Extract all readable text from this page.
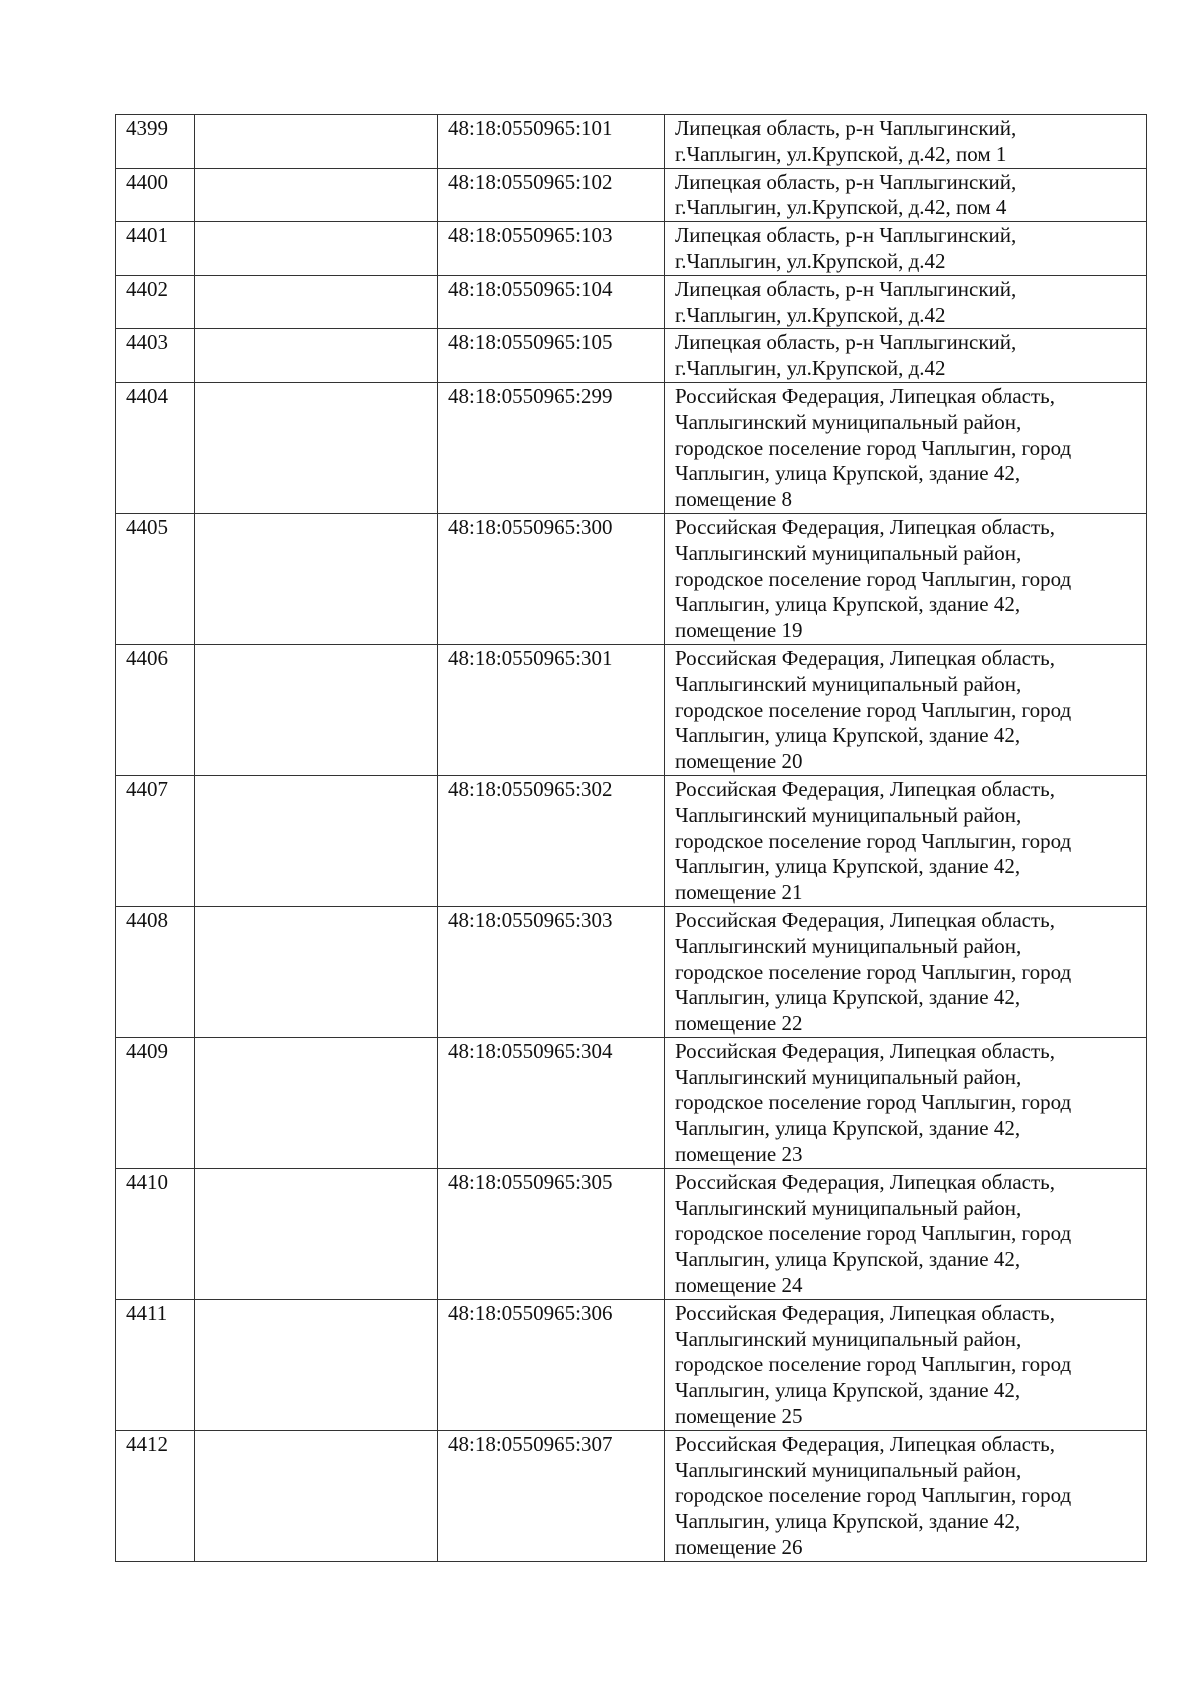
4399		48:18:0550965:101	Липецкая область, р-н Чаплыгинский,
г.Чаплыгин, ул.Крупской, д.42, пом 1

4400		48:18:0550965:102	Липецкая область, р-н Чаплыгинский,
г.Чаплыгин, ул.Крупской, д.42, пом 4

4401		48:18:0550965:103	Липецкая область, р-н Чаплыгинский,
г.Чаплыгин, ул.Крупской, д.42

4402		48:18:0550965:104	Липецкая область, р-н Чаплыгинский,
г.Чаплыгин, ул.Крупской, д.42

4403		48:18:0550965:105	Липецкая область, р-н Чаплыгинский,
г.Чаплыгин, ул.Крупской, д.42

4404		48:18:0550965:299	Российская Федерация, Липецкая область,
Чаплыгинский муниципальный район,
городское поселение город Чаплыгин, город
Чаплыгин, улица Крупской, здание 42,
помещение 8

4405		48:18:0550965:300	Российская Федерация, Липецкая область,
Чаплыгинский муниципальный район,
городское поселение город Чаплыгин, город
Чаплыгин, улица Крупской, здание 42,
помещение 19

4406		48:18:0550965:301	Российская Федерация, Липецкая область,
Чаплыгинский муниципальный район,
городское поселение город Чаплыгин, город
Чаплыгин, улица Крупской, здание 42,
помещение 20

4407		48:18:0550965:302	Российская Федерация, Липецкая область,
Чаплыгинский муниципальный район,
городское поселение город Чаплыгин, город
Чаплыгин, улица Крупской, здание 42,
помещение 21

4408		48:18:0550965:303	Российская Федерация, Липецкая область,
Чаплыгинский муниципальный район,
городское поселение город Чаплыгин, город
Чаплыгин, улица Крупской, здание 42,
помещение 22

4409		48:18:0550965:304	Российская Федерация, Липецкая область,
Чаплыгинский муниципальный район,
городское поселение город Чаплыгин, город
Чаплыгин, улица Крупской, здание 42,
помещение 23

4410		48:18:0550965:305	Российская Федерация, Липецкая область,
Чаплыгинский муниципальный район,
городское поселение город Чаплыгин, город
Чаплыгин, улица Крупской, здание 42,
помещение 24

4411		48:18:0550965:306	Российская Федерация, Липецкая область,
Чаплыгинский муниципальный район,
городское поселение город Чаплыгин, город
Чаплыгин, улица Крупской, здание 42,
помещение 25

4412		48:18:0550965:307	Российская Федерация, Липецкая область,
Чаплыгинский муниципальный район,
городское поселение город Чаплыгин, город
Чаплыгин, улица Крупской, здание 42,
помещение 26
